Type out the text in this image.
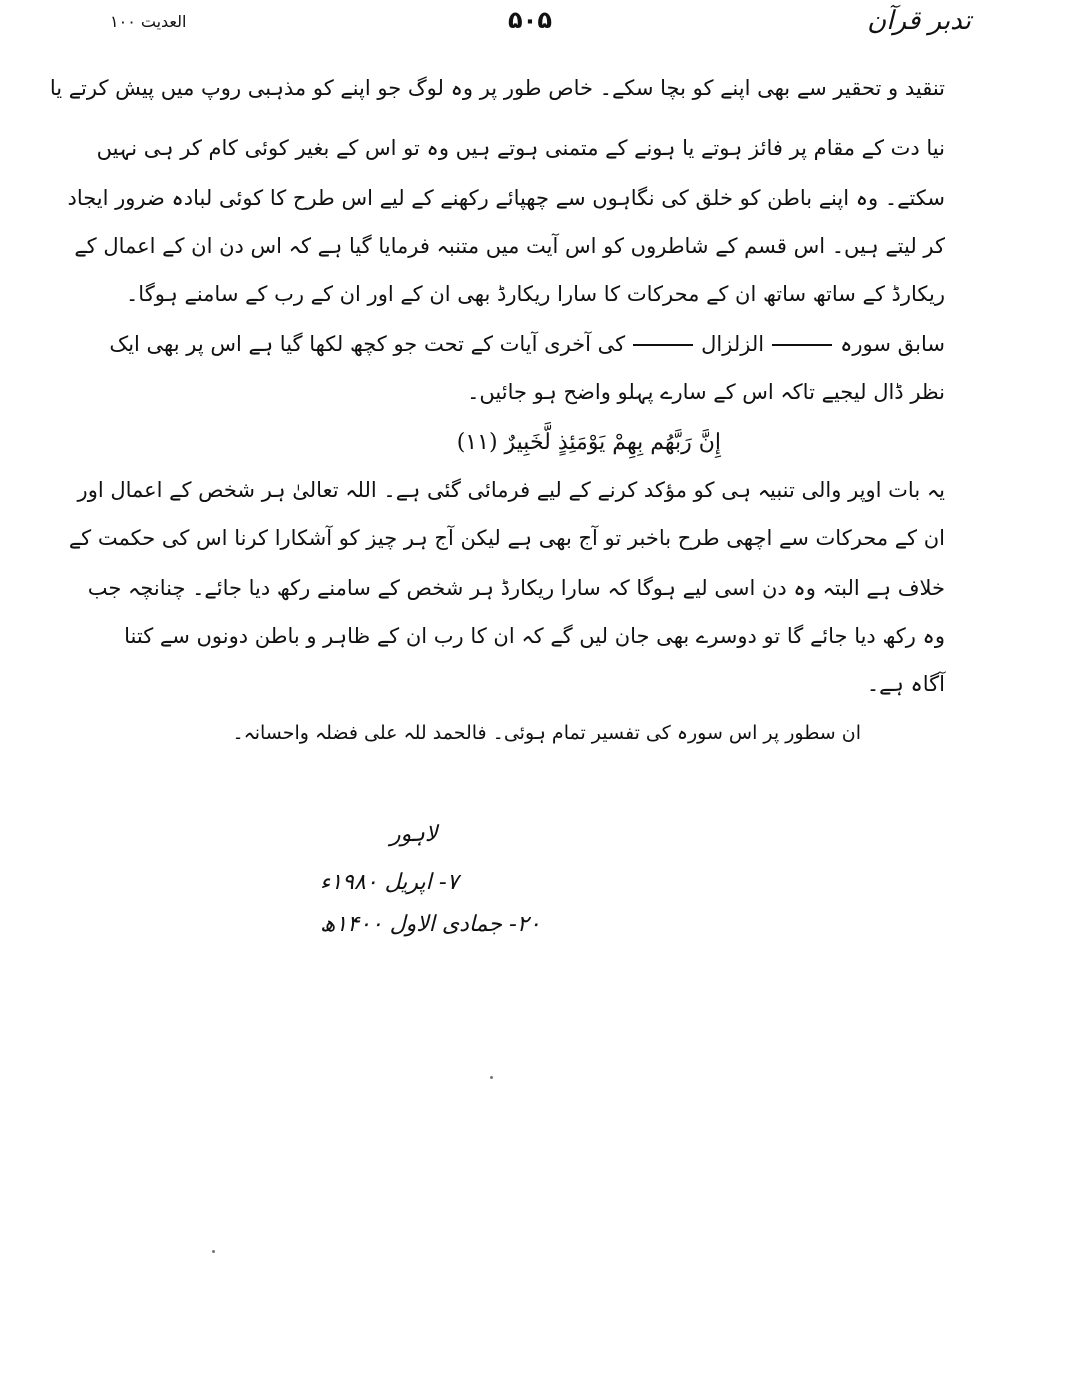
تدبر قرآن
۵۰۵
العدیت ۱۰۰
تنقید و تحقیر سے بھی اپنے کو بچا سکے۔ خاص طور پر وہ لوگ جو اپنے کو مذہبی روپ میں پیش کرتے یا
نیا دت کے مقام پر فائز ہوتے یا ہونے کے متمنی ہوتے ہیں وہ تو اس کے بغیر کوئی کام کر ہی نہیں
سکتے۔ وہ اپنے باطن کو خلق کی نگاہوں سے چھپائے رکھنے کے لیے اس طرح کا کوئی لبادہ ضرور ایجاد
کر لیتے ہیں۔ اس قسم کے شاطروں کو اس آیت میں متنبہ فرمایا گیا ہے کہ اس دن ان کے اعمال کے
ریکارڈ کے ساتھ ساتھ ان کے محرکات کا سارا ریکارڈ بھی ان کے اور ان کے رب کے سامنے ہوگا۔
سابق سورہالزلزالکی آخری آیات کے تحت جو کچھ لکھا گیا ہے اس پر بھی ایک
نظر ڈال لیجیے تاکہ اس کے سارے پہلو واضح ہو جائیں۔
إِنَّ رَبَّهُم بِهِمْ يَوْمَئِذٍ لَّخَبِيرٌ (۱۱)
یہ بات اوپر والی تنبیہ ہی کو مؤکد کرنے کے لیے فرمائی گئی ہے۔ اللہ تعالیٰ ہر شخص کے اعمال اور
ان کے محرکات سے اچھی طرح باخبر تو آج بھی ہے لیکن آج ہر چیز کو آشکارا کرنا اس کی حکمت کے
خلاف ہے البتہ وہ دن اسی لیے ہوگا کہ سارا ریکارڈ ہر شخص کے سامنے رکھ دیا جائے۔ چنانچہ جب
وہ رکھ دیا جائے گا تو دوسرے بھی جان لیں گے کہ ان کا رب ان کے ظاہر و باطن دونوں سے کتنا
آگاہ ہے۔
ان سطور پر اس سورہ کی تفسیر تمام ہوئی۔ فالحمد للہ علی فضلہ واحسانہ۔
لاہور
۷- اپریل ۱۹۸۰ء
۲۰- جمادی الاول ۱۴۰۰ھ
